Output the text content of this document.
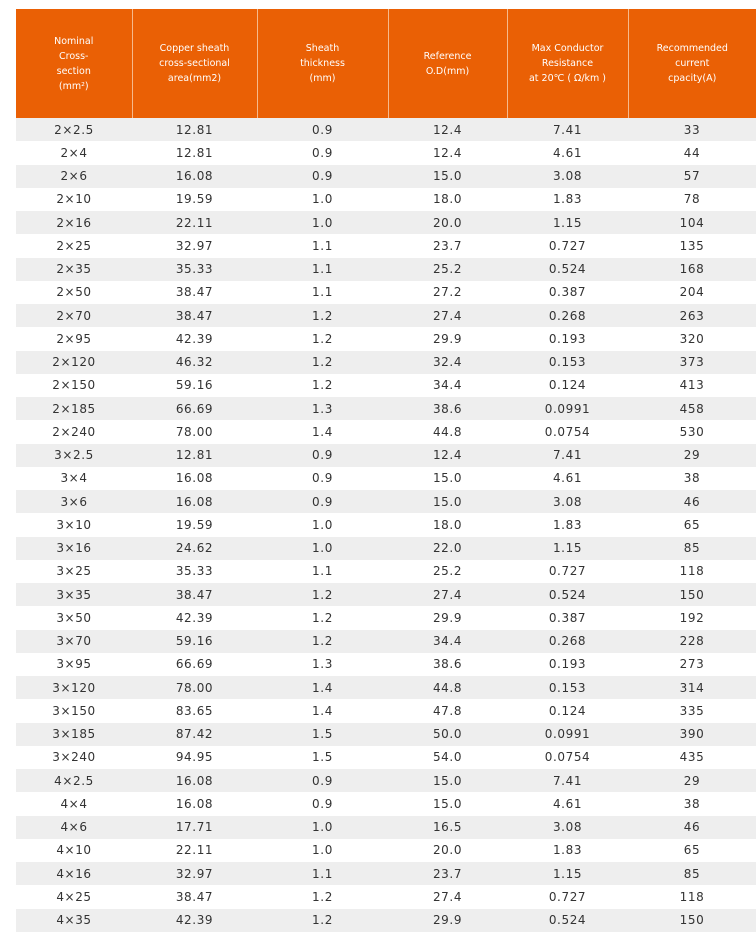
Nominal
Cross-
section
(mm²)	Copper sheath
cross-sectional
area(mm2)	Sheath
thickness
(mm)	Reference
O.D(mm)	Max Conductor
Resistance
at 20℃ ( Ω/km )	Recommended
current
cpacity(A)

2×2.5	12.81	0.9	12.4	7.41	33
2×4	12.81	0.9	12.4	4.61	44
2×6	16.08	0.9	15.0	3.08	57
2×10	19.59	1.0	18.0	1.83	78
2×16	22.11	1.0	20.0	1.15	104
2×25	32.97	1.1	23.7	0.727	135
2×35	35.33	1.1	25.2	0.524	168
2×50	38.47	1.1	27.2	0.387	204
2×70	38.47	1.2	27.4	0.268	263
2×95	42.39	1.2	29.9	0.193	320
2×120	46.32	1.2	32.4	0.153	373
2×150	59.16	1.2	34.4	0.124	413
2×185	66.69	1.3	38.6	0.0991	458
2×240	78.00	1.4	44.8	0.0754	530
3×2.5	12.81	0.9	12.4	7.41	29
3×4	16.08	0.9	15.0	4.61	38
3×6	16.08	0.9	15.0	3.08	46
3×10	19.59	1.0	18.0	1.83	65
3×16	24.62	1.0	22.0	1.15	85
3×25	35.33	1.1	25.2	0.727	118
3×35	38.47	1.2	27.4	0.524	150
3×50	42.39	1.2	29.9	0.387	192
3×70	59.16	1.2	34.4	0.268	228
3×95	66.69	1.3	38.6	0.193	273
3×120	78.00	1.4	44.8	0.153	314
3×150	83.65	1.4	47.8	0.124	335
3×185	87.42	1.5	50.0	0.0991	390
3×240	94.95	1.5	54.0	0.0754	435
4×2.5	16.08	0.9	15.0	7.41	29
4×4	16.08	0.9	15.0	4.61	38
4×6	17.71	1.0	16.5	3.08	46
4×10	22.11	1.0	20.0	1.83	65
4×16	32.97	1.1	23.7	1.15	85
4×25	38.47	1.2	27.4	0.727	118
4×35	42.39	1.2	29.9	0.524	150
